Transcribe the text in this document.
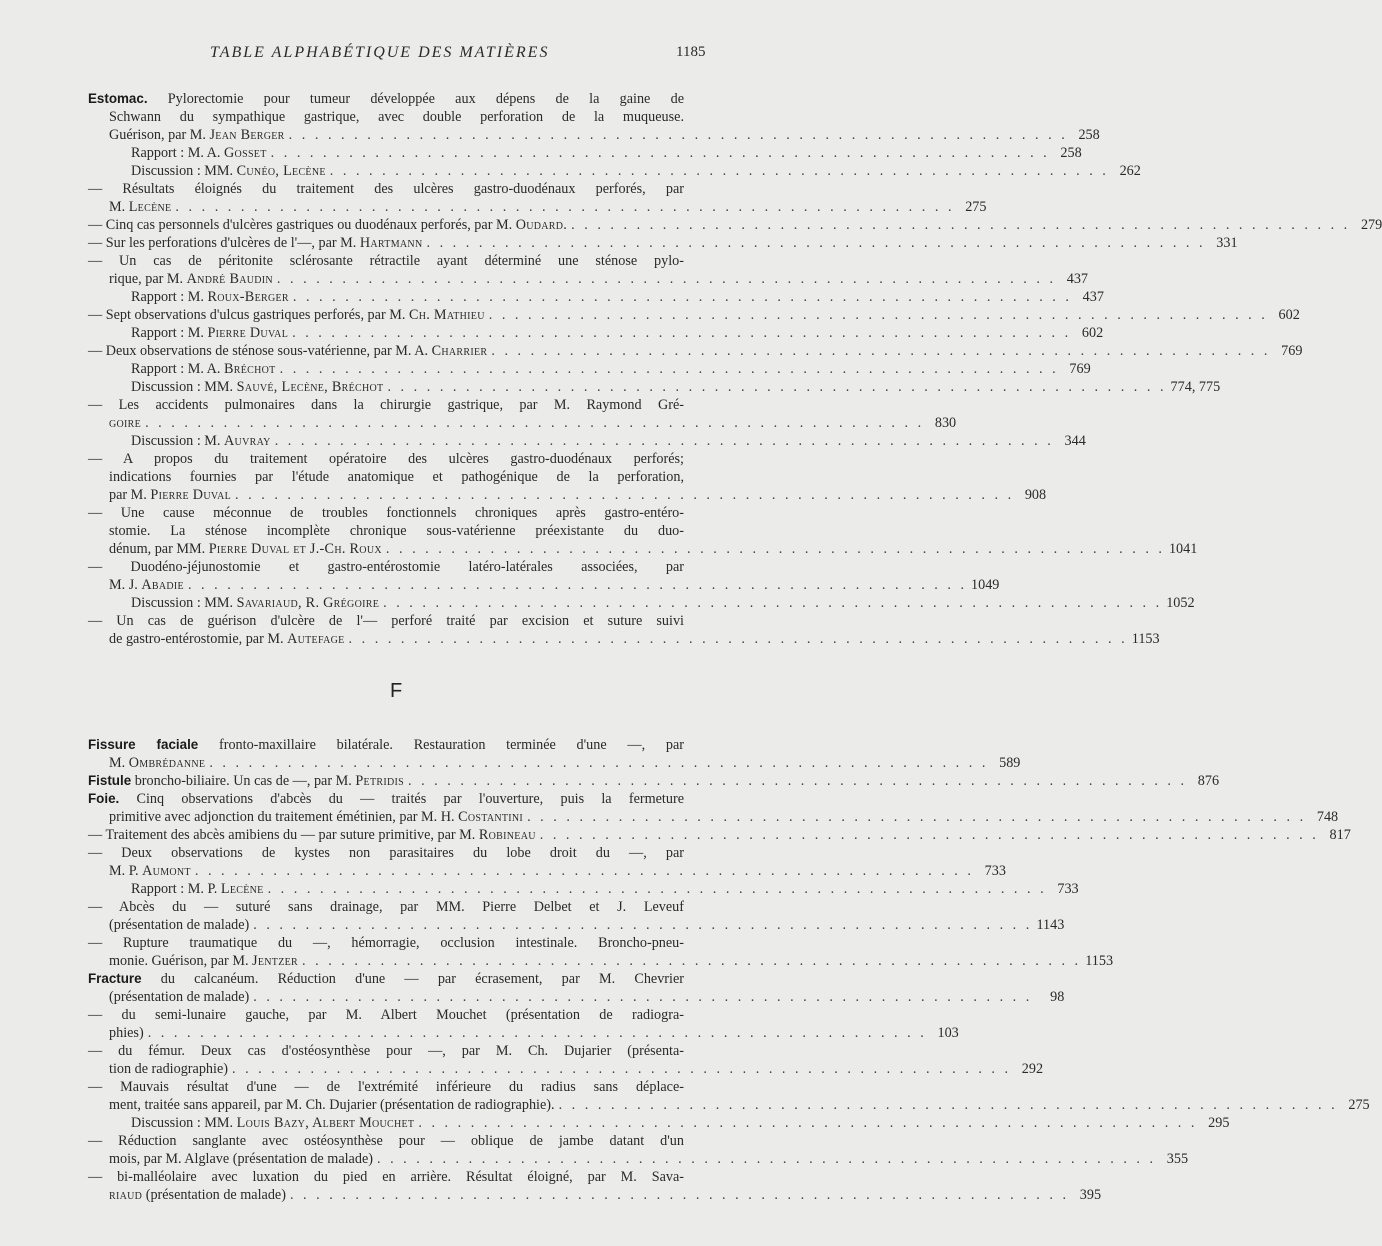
TABLE ALPHABÉTIQUE DES MATIÈRES	1185
Estomac. Pylorectomie pour tumeur développée aux dépens de la gaine de
Schwann du sympathique gastrique, avec double perforation de la muqueuse.
Guérison, par M. Jean Berger . . . . . . . . . . . . . . . . . . . . . . . . . . . . . . . . . . . . . . . . . . . . . . . . . . . . . . . . . . . . 258
Rapport : M. A. Gosset . . . . . . . . . . . . . . . . . . . . . . . . . . . . . . . . . . . . . . . . . . . . . . . . . . . . . . . . . . . . 258
Discussion : MM. Cunéo, Lecène . . . . . . . . . . . . . . . . . . . . . . . . . . . . . . . . . . . . . . . . . . . . . . . . . . . . . . . . . . . . 262
— Résultats éloignés du traitement des ulcères gastro-duodénaux perforés, par
M. Lecène . . . . . . . . . . . . . . . . . . . . . . . . . . . . . . . . . . . . . . . . . . . . . . . . . . . . . . . . . . . . 275
— Cinq cas personnels d'ulcères gastriques ou duodénaux perforés, par M. Oudard. . . . . . . . . . . . . . . . . . . . . . . . . . . . . . . . . . . . . . . . . . . . . . . . . . . . . . . . . . . . . 279
— Sur les perforations d'ulcères de l'—, par M. Hartmann . . . . . . . . . . . . . . . . . . . . . . . . . . . . . . . . . . . . . . . . . . . . . . . . . . . . . . . . . . . . 331
— Un cas de péritonite sclérosante rétractile ayant déterminé une sténose pylo-
rique, par M. André Baudin . . . . . . . . . . . . . . . . . . . . . . . . . . . . . . . . . . . . . . . . . . . . . . . . . . . . . . . . . . . . 437
Rapport : M. Roux-Berger . . . . . . . . . . . . . . . . . . . . . . . . . . . . . . . . . . . . . . . . . . . . . . . . . . . . . . . . . . . . 437
— Sept observations d'ulcus gastriques perforés, par M. Ch. Mathieu . . . . . . . . . . . . . . . . . . . . . . . . . . . . . . . . . . . . . . . . . . . . . . . . . . . . . . . . . . . . 602
Rapport : M. Pierre Duval . . . . . . . . . . . . . . . . . . . . . . . . . . . . . . . . . . . . . . . . . . . . . . . . . . . . . . . . . . . . 602
— Deux observations de sténose sous-vatérienne, par M. A. Charrier . . . . . . . . . . . . . . . . . . . . . . . . . . . . . . . . . . . . . . . . . . . . . . . . . . . . . . . . . . . . 769
Rapport : M. A. Bréchot . . . . . . . . . . . . . . . . . . . . . . . . . . . . . . . . . . . . . . . . . . . . . . . . . . . . . . . . . . . . 769
Discussion : MM. Sauvé, Lecène, Bréchot . . . . . . . . . . . . . . . . . . . . . . . . . . . . . . . . . . . . . . . . . . . . . . . . . . . . . . . . . . . . 774, 775
— Les accidents pulmonaires dans la chirurgie gastrique, par M. Raymond Gré-
goire . . . . . . . . . . . . . . . . . . . . . . . . . . . . . . . . . . . . . . . . . . . . . . . . . . . . . . . . . . . . 830
Discussion : M. Auvray . . . . . . . . . . . . . . . . . . . . . . . . . . . . . . . . . . . . . . . . . . . . . . . . . . . . . . . . . . . . 344
— A propos du traitement opératoire des ulcères gastro-duodénaux perforés;
indications fournies par l'étude anatomique et pathogénique de la perforation,
par M. Pierre Duval . . . . . . . . . . . . . . . . . . . . . . . . . . . . . . . . . . . . . . . . . . . . . . . . . . . . . . . . . . . . 908
— Une cause méconnue de troubles fonctionnels chroniques après gastro-entéro-
stomie. La sténose incomplète chronique sous-vatérienne préexistante du duo-
dénum, par MM. Pierre Duval et J.-Ch. Roux . . . . . . . . . . . . . . . . . . . . . . . . . . . . . . . . . . . . . . . . . . . . . . . . . . . . . . . . . . . . 1041
— Duodéno-jéjunostomie et gastro-entérostomie latéro-latérales associées, par
M. J. Abadie . . . . . . . . . . . . . . . . . . . . . . . . . . . . . . . . . . . . . . . . . . . . . . . . . . . . . . . . . . . . 1049
Discussion : MM. Savariaud, R. Grégoire . . . . . . . . . . . . . . . . . . . . . . . . . . . . . . . . . . . . . . . . . . . . . . . . . . . . . . . . . . . . 1052
— Un cas de guérison d'ulcère de l'— perforé traité par excision et suture suivi
de gastro-entérostomie, par M. Autefage . . . . . . . . . . . . . . . . . . . . . . . . . . . . . . . . . . . . . . . . . . . . . . . . . . . . . . . . . . . . 1153
F
Fissure faciale fronto-maxillaire bilatérale. Restauration terminée d'une —, par
M. Ombrédanne . . . . . . . . . . . . . . . . . . . . . . . . . . . . . . . . . . . . . . . . . . . . . . . . . . . . . . . . . . . . 589
Fistule broncho-biliaire. Un cas de —, par M. Petridis . . . . . . . . . . . . . . . . . . . . . . . . . . . . . . . . . . . . . . . . . . . . . . . . . . . . . . . . . . . . 876
Foie. Cinq observations d'abcès du — traités par l'ouverture, puis la fermeture
primitive avec adjonction du traitement émétinien, par M. H. Costantini . . . . . . . . . . . . . . . . . . . . . . . . . . . . . . . . . . . . . . . . . . . . . . . . . . . . . . . . . . . . 748
— Traitement des abcès amibiens du — par suture primitive, par M. Robineau . . . . . . . . . . . . . . . . . . . . . . . . . . . . . . . . . . . . . . . . . . . . . . . . . . . . . . . . . . . . 817
— Deux observations de kystes non parasitaires du lobe droit du —, par
M. P. Aumont . . . . . . . . . . . . . . . . . . . . . . . . . . . . . . . . . . . . . . . . . . . . . . . . . . . . . . . . . . . . 733
Rapport : M. P. Lecène . . . . . . . . . . . . . . . . . . . . . . . . . . . . . . . . . . . . . . . . . . . . . . . . . . . . . . . . . . . . 733
— Abcès du — suturé sans drainage, par MM. Pierre Delbet et J. Leveuf
(présentation de malade) . . . . . . . . . . . . . . . . . . . . . . . . . . . . . . . . . . . . . . . . . . . . . . . . . . . . . . . . . . . . 1143
— Rupture traumatique du —, hémorragie, occlusion intestinale. Broncho-pneu-
monie. Guérison, par M. Jentzer . . . . . . . . . . . . . . . . . . . . . . . . . . . . . . . . . . . . . . . . . . . . . . . . . . . . . . . . . . . . 1153
Fracture du calcanéum. Réduction d'une — par écrasement, par M. Chevrier
(présentation de malade) . . . . . . . . . . . . . . . . . . . . . . . . . . . . . . . . . . . . . . . . . . . . . . . . . . . . . . . . . . . .	98
— du semi-lunaire gauche, par M. Albert Mouchet (présentation de radiogra-
phies) . . . . . . . . . . . . . . . . . . . . . . . . . . . . . . . . . . . . . . . . . . . . . . . . . . . . . . . . . . . . 103
— du fémur. Deux cas d'ostéosynthèse pour —, par M. Ch. Dujarier (présenta-
tion de radiographie) . . . . . . . . . . . . . . . . . . . . . . . . . . . . . . . . . . . . . . . . . . . . . . . . . . . . . . . . . . . . 292
— Mauvais résultat d'une — de l'extrémité inférieure du radius sans déplace-
ment, traitée sans appareil, par M. Ch. Dujarier (présentation de radiographie). . . . . . . . . . . . . . . . . . . . . . . . . . . . . . . . . . . . . . . . . . . . . . . . . . . . . . . . . . . . . 275
Discussion : MM. Louis Bazy, Albert Mouchet . . . . . . . . . . . . . . . . . . . . . . . . . . . . . . . . . . . . . . . . . . . . . . . . . . . . . . . . . . . . 295
— Réduction sanglante avec ostéosynthèse pour — oblique de jambe datant d'un
mois, par M. Alglave (présentation de malade) . . . . . . . . . . . . . . . . . . . . . . . . . . . . . . . . . . . . . . . . . . . . . . . . . . . . . . . . . . . . 355
— bi-malléolaire avec luxation du pied en arrière. Résultat éloigné, par M. Sava-
riaud (présentation de malade) . . . . . . . . . . . . . . . . . . . . . . . . . . . . . . . . . . . . . . . . . . . . . . . . . . . . . . . . . . . . 395
